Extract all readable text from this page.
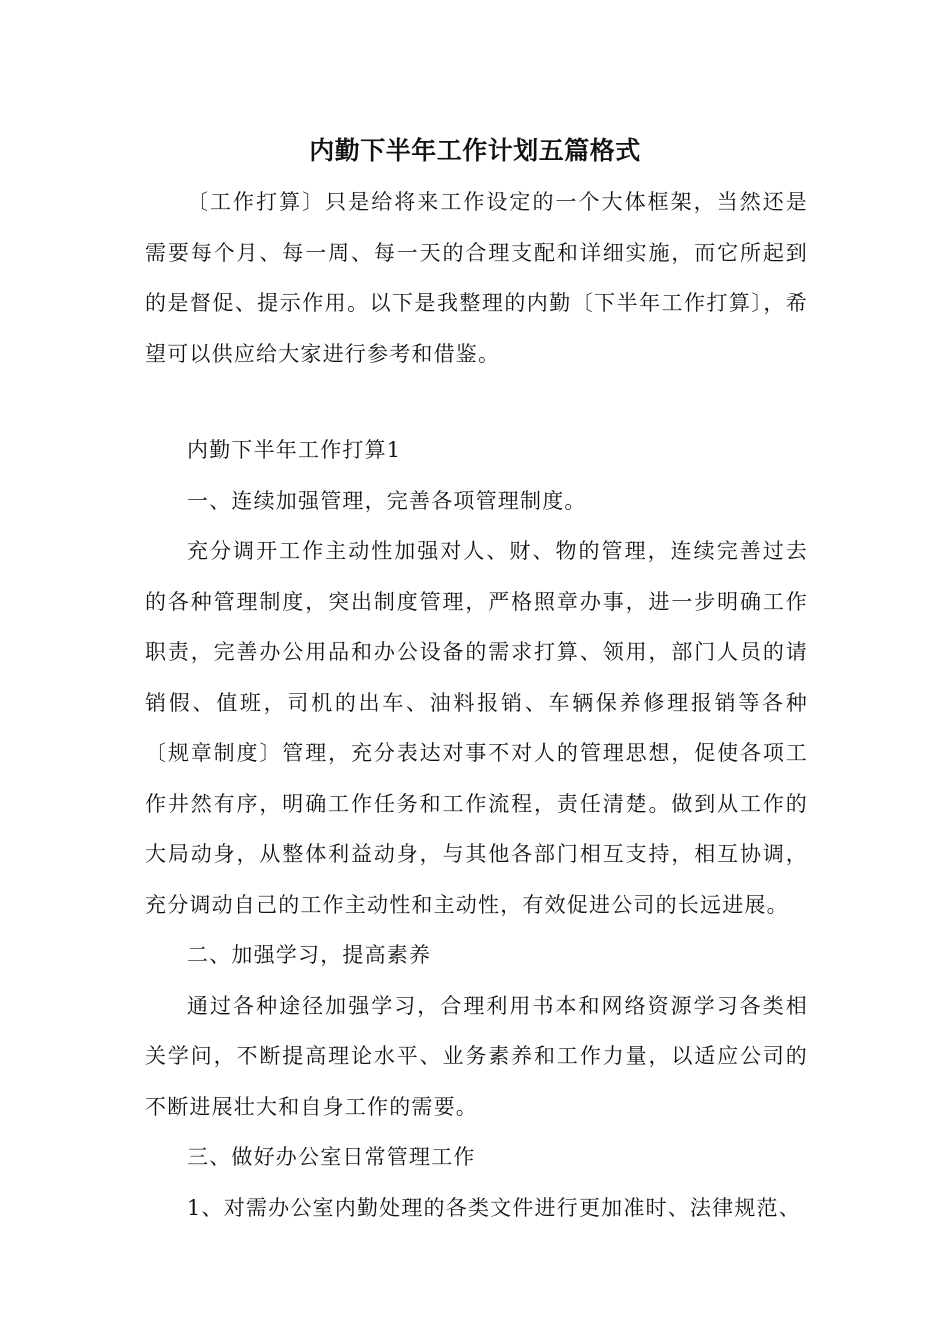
内勤下半年工作计划五篇格式

〔工作打算〕只是给将来工作设定的一个大体框架，当然还是需要每个月、每一周、每一天的合理支配和详细实施，而它所起到的是督促、提示作用。以下是我整理的内勤〔下半年工作打算〕，希望可以供应给大家进行参考和借鉴。

内勤下半年工作打算1

一、连续加强管理，完善各项管理制度。

充分调开工作主动性加强对人、财、物的管理，连续完善过去的各种管理制度，突出制度管理，严格照章办事，进一步明确工作职责，完善办公用品和办公设备的需求打算、领用，部门人员的请销假、值班，司机的出车、油料报销、车辆保养修理报销等各种〔规章制度〕管理，充分表达对事不对人的管理思想，促使各项工作井然有序，明确工作任务和工作流程，责任清楚。做到从工作的大局动身，从整体利益动身，与其他各部门相互支持，相互协调，充分调动自己的工作主动性和主动性，有效促进公司的长远进展。

二、加强学习，提高素养

通过各种途径加强学习，合理利用书本和网络资源学习各类相关学问，不断提高理论水平、业务素养和工作力量，以适应公司的不断进展壮大和自身工作的需要。

三、做好办公室日常管理工作

1、对需办公室内勤处理的各类文件进行更加准时、法律规范、
